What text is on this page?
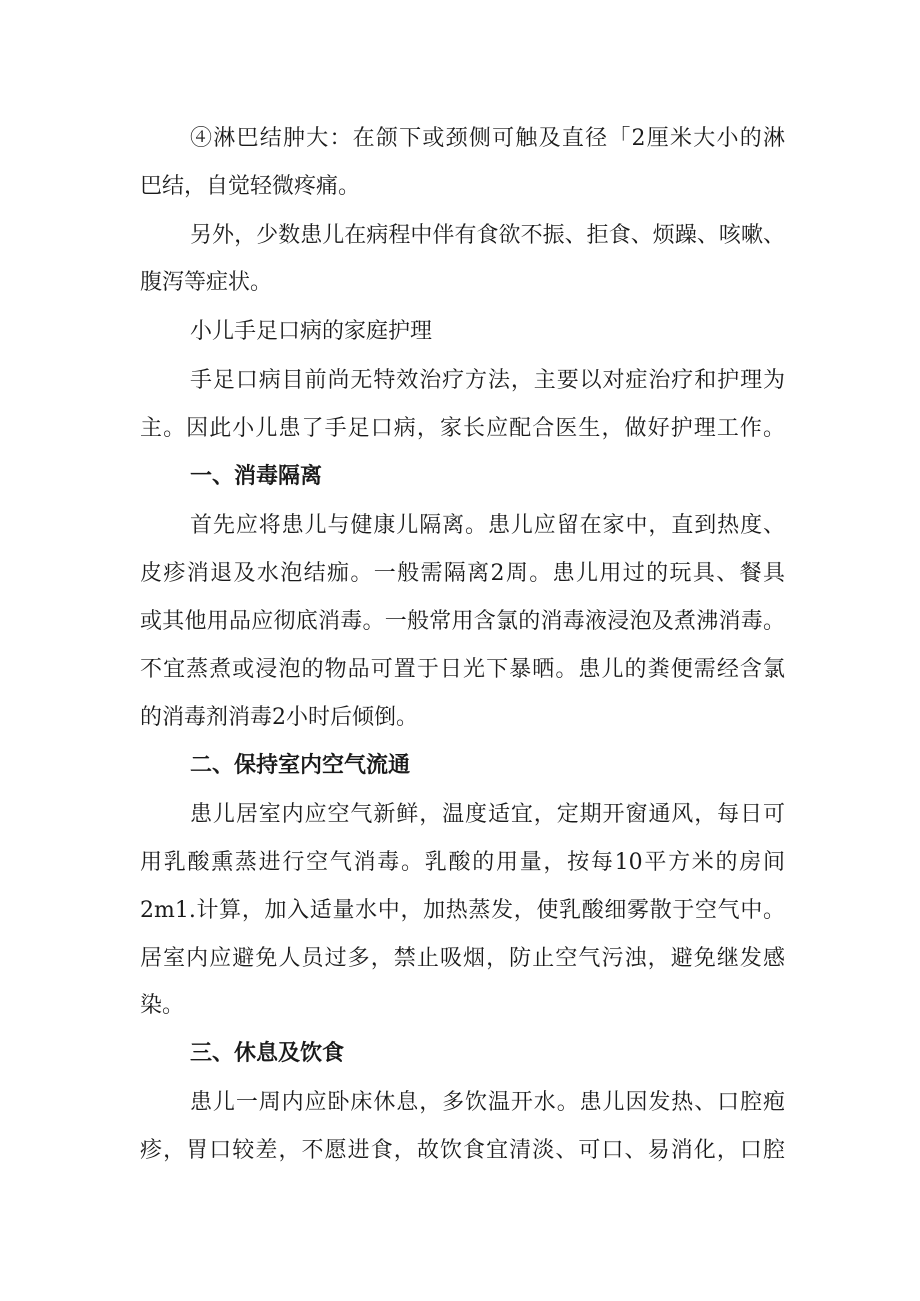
④淋巴结肿大：在颌下或颈侧可触及直径「2厘米大小的淋
巴结，自觉轻微疼痛。
另外，少数患儿在病程中伴有食欲不振、拒食、烦躁、咳嗽、
腹泻等症状。
小儿手足口病的家庭护理
手足口病目前尚无特效治疗方法，主要以对症治疗和护理为
主。因此小儿患了手足口病，家长应配合医生，做好护理工作。
一、消毒隔离
首先应将患儿与健康儿隔离。患儿应留在家中，直到热度、
皮疹消退及水泡结痂。一般需隔离2周。患儿用过的玩具、餐具
或其他用品应彻底消毒。一般常用含氯的消毒液浸泡及煮沸消毒。
不宜蒸煮或浸泡的物品可置于日光下暴晒。患儿的粪便需经含氯
的消毒剂消毒2小时后倾倒。
二、保持室内空气流通
患儿居室内应空气新鲜，温度适宜，定期开窗通风，每日可
用乳酸熏蒸进行空气消毒。乳酸的用量，按每10平方米的房间
2m1.计算，加入适量水中，加热蒸发，使乳酸细雾散于空气中。
居室内应避免人员过多，禁止吸烟，防止空气污浊，避免继发感
染。
三、休息及饮食
患儿一周内应卧床休息，多饮温开水。患儿因发热、口腔疱
疹，胃口较差，不愿进食，故饮食宜清淡、可口、易消化，口腔
